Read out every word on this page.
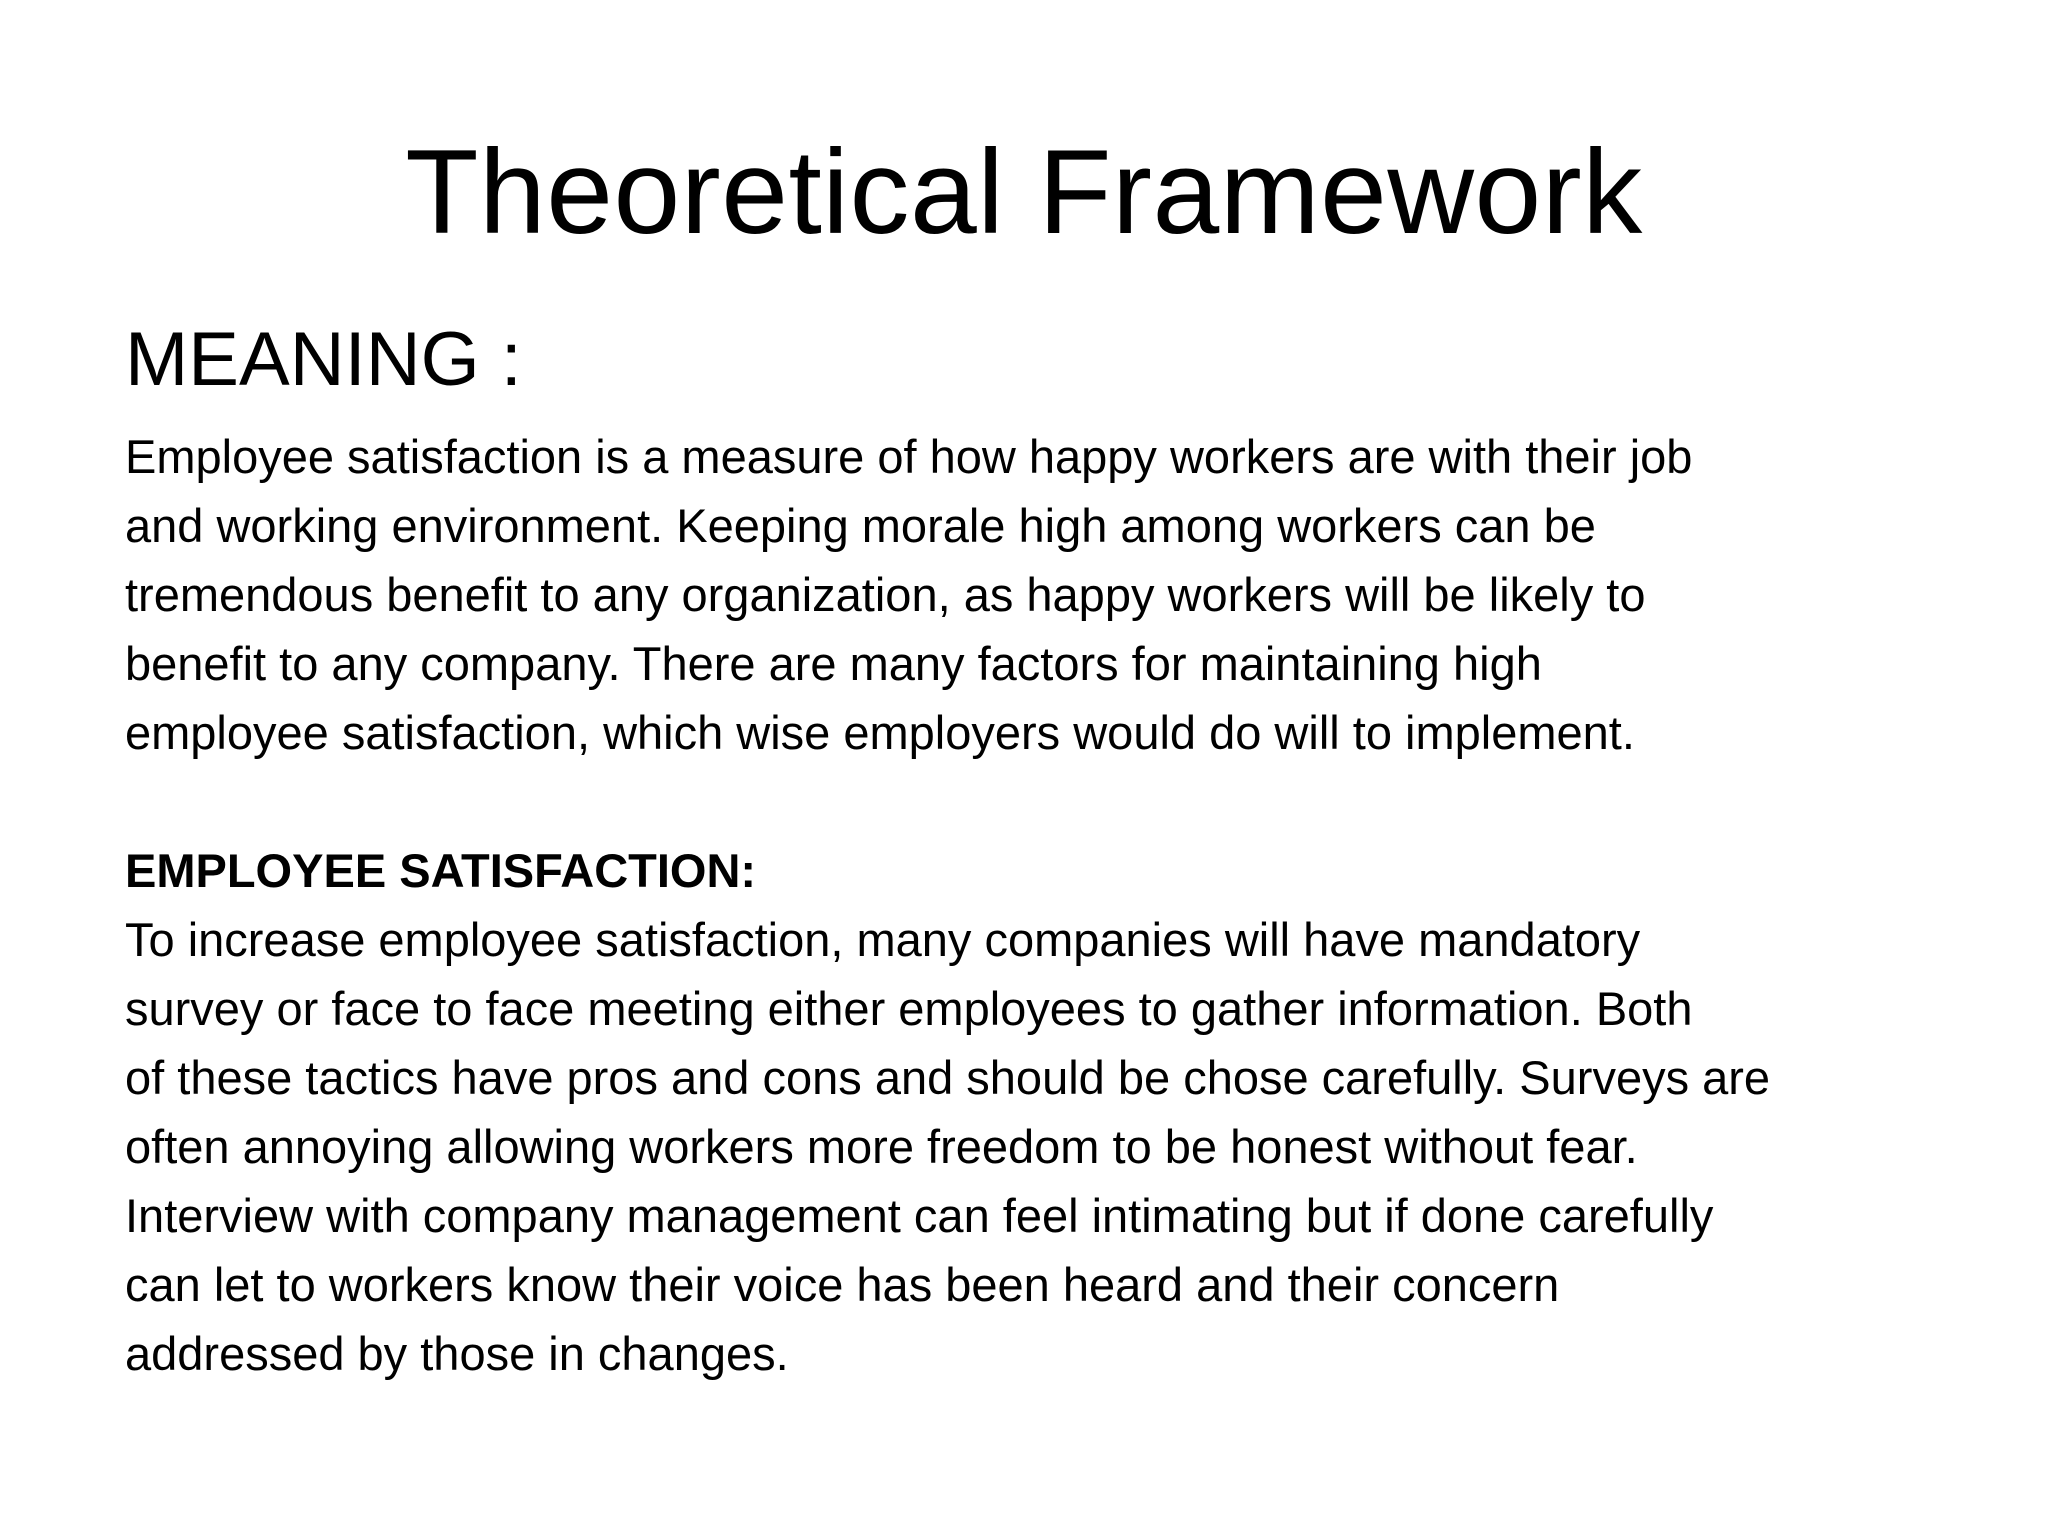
Theoretical Framework
MEANING :

Employee satisfaction is a measure of how happy workers are with their job
and working environment. Keeping morale high among workers can be
tremendous benefit to any organization, as happy workers will be likely to
benefit to any company. There are many factors for maintaining high
employee satisfaction, which wise employers would do will to implement.

EMPLOYEE SATISFACTION:

To increase employee satisfaction, many companies will have mandatory
survey or face to face meeting either employees to gather information. Both
of these tactics have pros and cons and should be chose carefully. Surveys are
often annoying allowing workers more freedom to be honest without fear.
Interview with company management can feel intimating but if done carefully
can let to workers know their voice has been heard and their concern
addressed by those in changes.
